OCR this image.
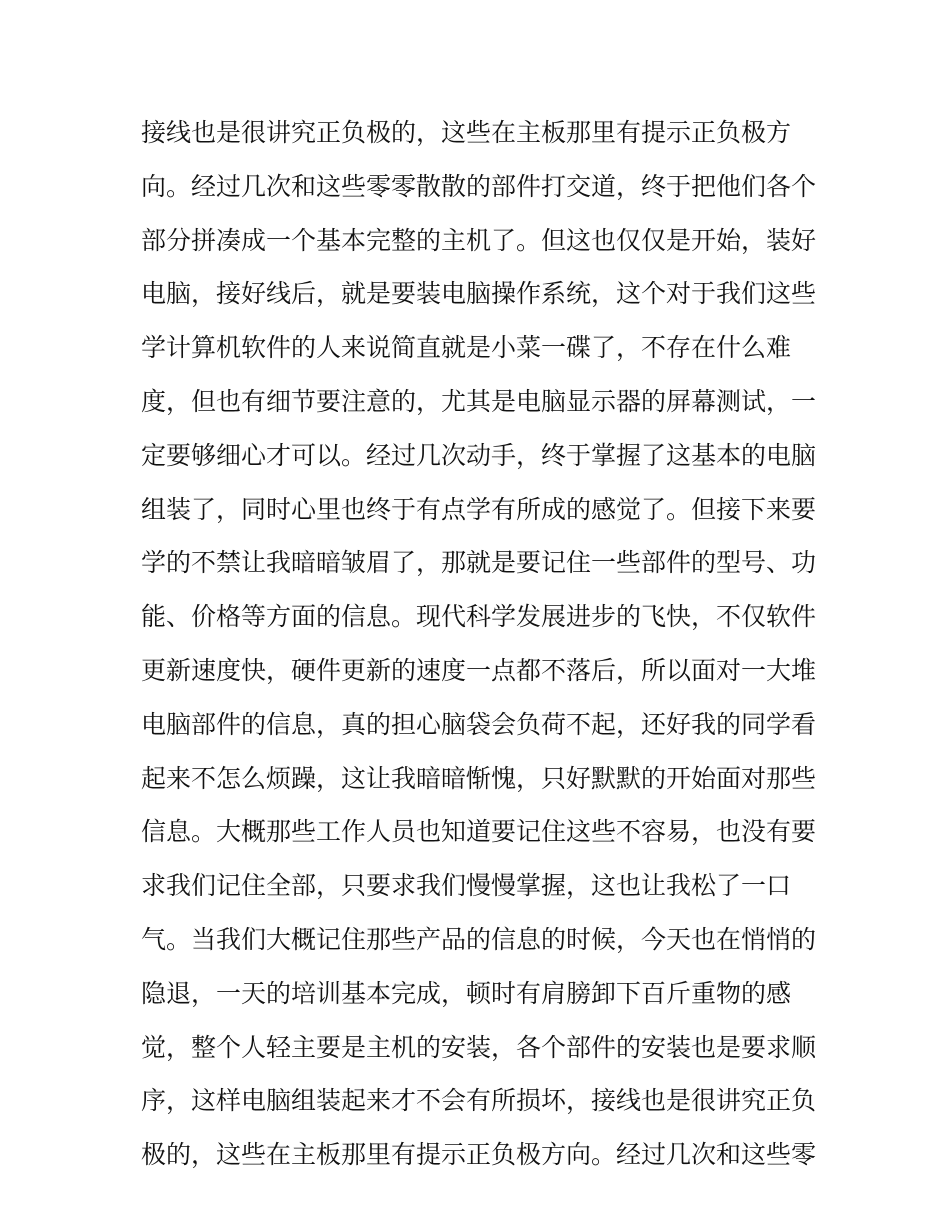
接线也是很讲究正负极的，这些在主板那里有提示正负极方
向。经过几次和这些零零散散的部件打交道，终于把他们各个
部分拼凑成一个基本完整的主机了。但这也仅仅是开始，装好
电脑，接好线后，就是要装电脑操作系统，这个对于我们这些
学计算机软件的人来说简直就是小菜一碟了，不存在什么难
度，但也有细节要注意的，尤其是电脑显示器的屏幕测试，一
定要够细心才可以。经过几次动手，终于掌握了这基本的电脑
组装了，同时心里也终于有点学有所成的感觉了。但接下来要
学的不禁让我暗暗皱眉了，那就是要记住一些部件的型号、功
能、价格等方面的信息。现代科学发展进步的飞快，不仅软件
更新速度快，硬件更新的速度一点都不落后，所以面对一大堆
电脑部件的信息，真的担心脑袋会负荷不起，还好我的同学看
起来不怎么烦躁，这让我暗暗惭愧，只好默默的开始面对那些
信息。大概那些工作人员也知道要记住这些不容易，也没有要
求我们记住全部，只要求我们慢慢掌握，这也让我松了一口
气。当我们大概记住那些产品的信息的时候，今天也在悄悄的
隐退，一天的培训基本完成，顿时有肩膀卸下百斤重物的感
觉，整个人轻主要是主机的安装，各个部件的安装也是要求顺
序，这样电脑组装起来才不会有所损坏，接线也是很讲究正负
极的，这些在主板那里有提示正负极方向。经过几次和这些零
